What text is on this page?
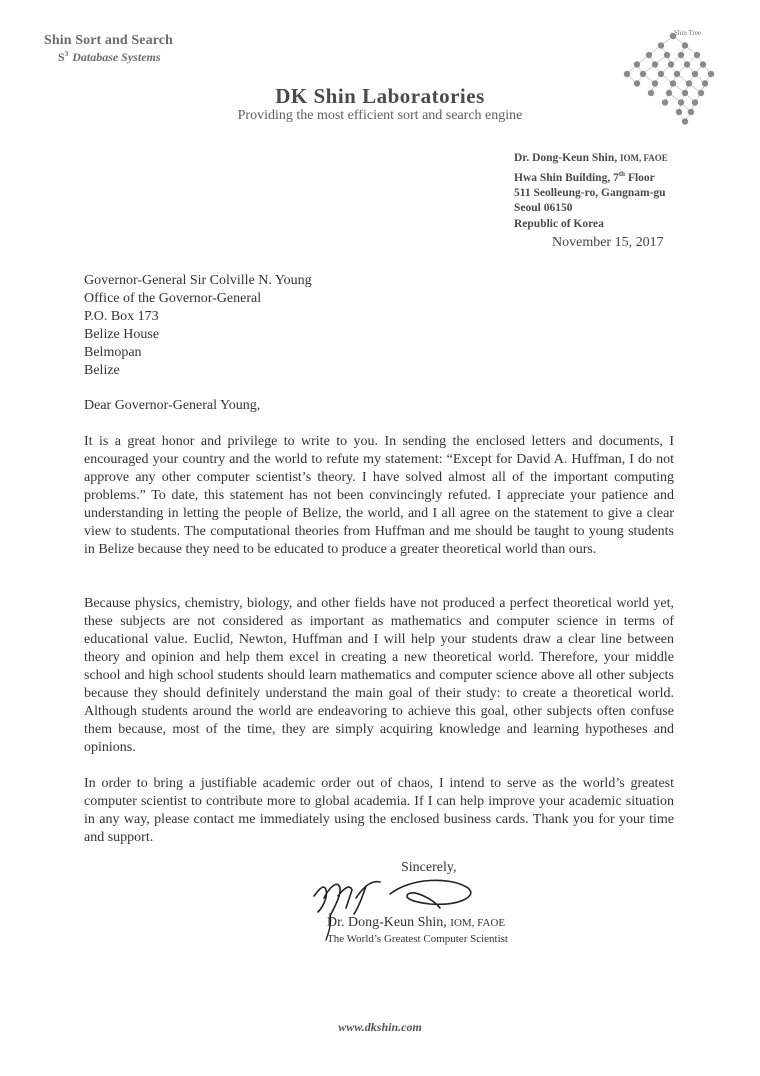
Shin Sort and Search
$S^3$ Database Systems
Shin Tree
DK Shin Laboratories
Providing the most efficient sort and search engine
Dr. Dong-Keun Shin, IOM, FAOE
Hwa Shin Building, 7th Floor
511 Seolleung-ro, Gangnam-gu
Seoul 06150
Republic of Korea
November 15, 2017
Governor-General Sir Colville N. Young
Office of the Governor-General
P.O. Box 173
Belize House
Belmopan
Belize
Dear Governor-General Young,

It is a great honor and privilege to write to you. In sending the enclosed letters and documents, I encouraged your country and the world to refute my statement: “Except for David A. Huffman, I do not approve any other computer scientist’s theory. I have solved almost all of the important computing problems.” To date, this statement has not been convincingly refuted. I appreciate your patience and understanding in letting the people of Belize, the world, and I all agree on the statement to give a clear view to students. The computational theories from Huffman and me should be taught to young students in Belize because they need to be educated to produce a greater theoretical world than ours.

Because physics, chemistry, biology, and other fields have not produced a perfect theoretical world yet, these subjects are not considered as important as mathematics and computer science in terms of educational value. Euclid, Newton, Huffman and I will help your students draw a clear line between theory and opinion and help them excel in creating a new theoretical world. Therefore, your middle school and high school students should learn mathematics and computer science above all other subjects because they should definitely understand the main goal of their study: to create a theoretical world. Although students around the world are endeavoring to achieve this goal, other subjects often confuse them because, most of the time, they are simply acquiring knowledge and learning hypotheses and opinions.

In order to bring a justifiable academic order out of chaos, I intend to serve as the world’s greatest computer scientist to contribute more to global academia. If I can help improve your academic situation in any way, please contact me immediately using the enclosed business cards. Thank you for your time and support.

Sincerely,
Dr. Dong-Keun Shin, IOM, FAOE
The World’s Greatest Computer Scientist
www.dkshin.com
